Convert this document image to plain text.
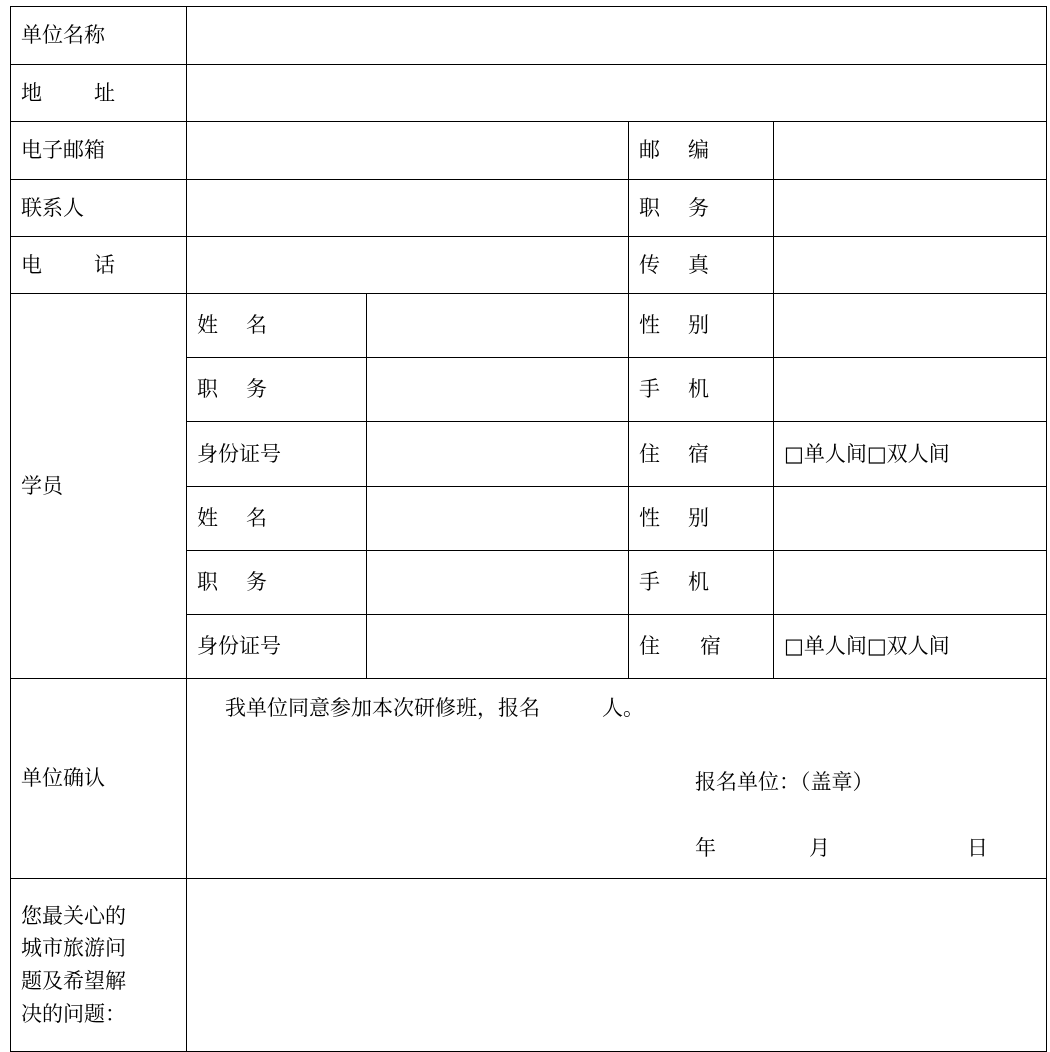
单位名称				
地 址				
电子邮箱			邮 编	
联系人			职 务	
电 话			传 真	
学员	姓 名		性 别	
	职 务		手 机	
	身份证号		住 宿	□单人间□双人间
	姓 名		性 别	
	职 务		手 机	
	身份证号		住 宿	□单人间□双人间
单位确认	我单位同意参加本次研修班，报名 人。
报名单位：（盖章）
年 月 日			

您最关心的
城市旅游问
题及希望解
决的问题：				
